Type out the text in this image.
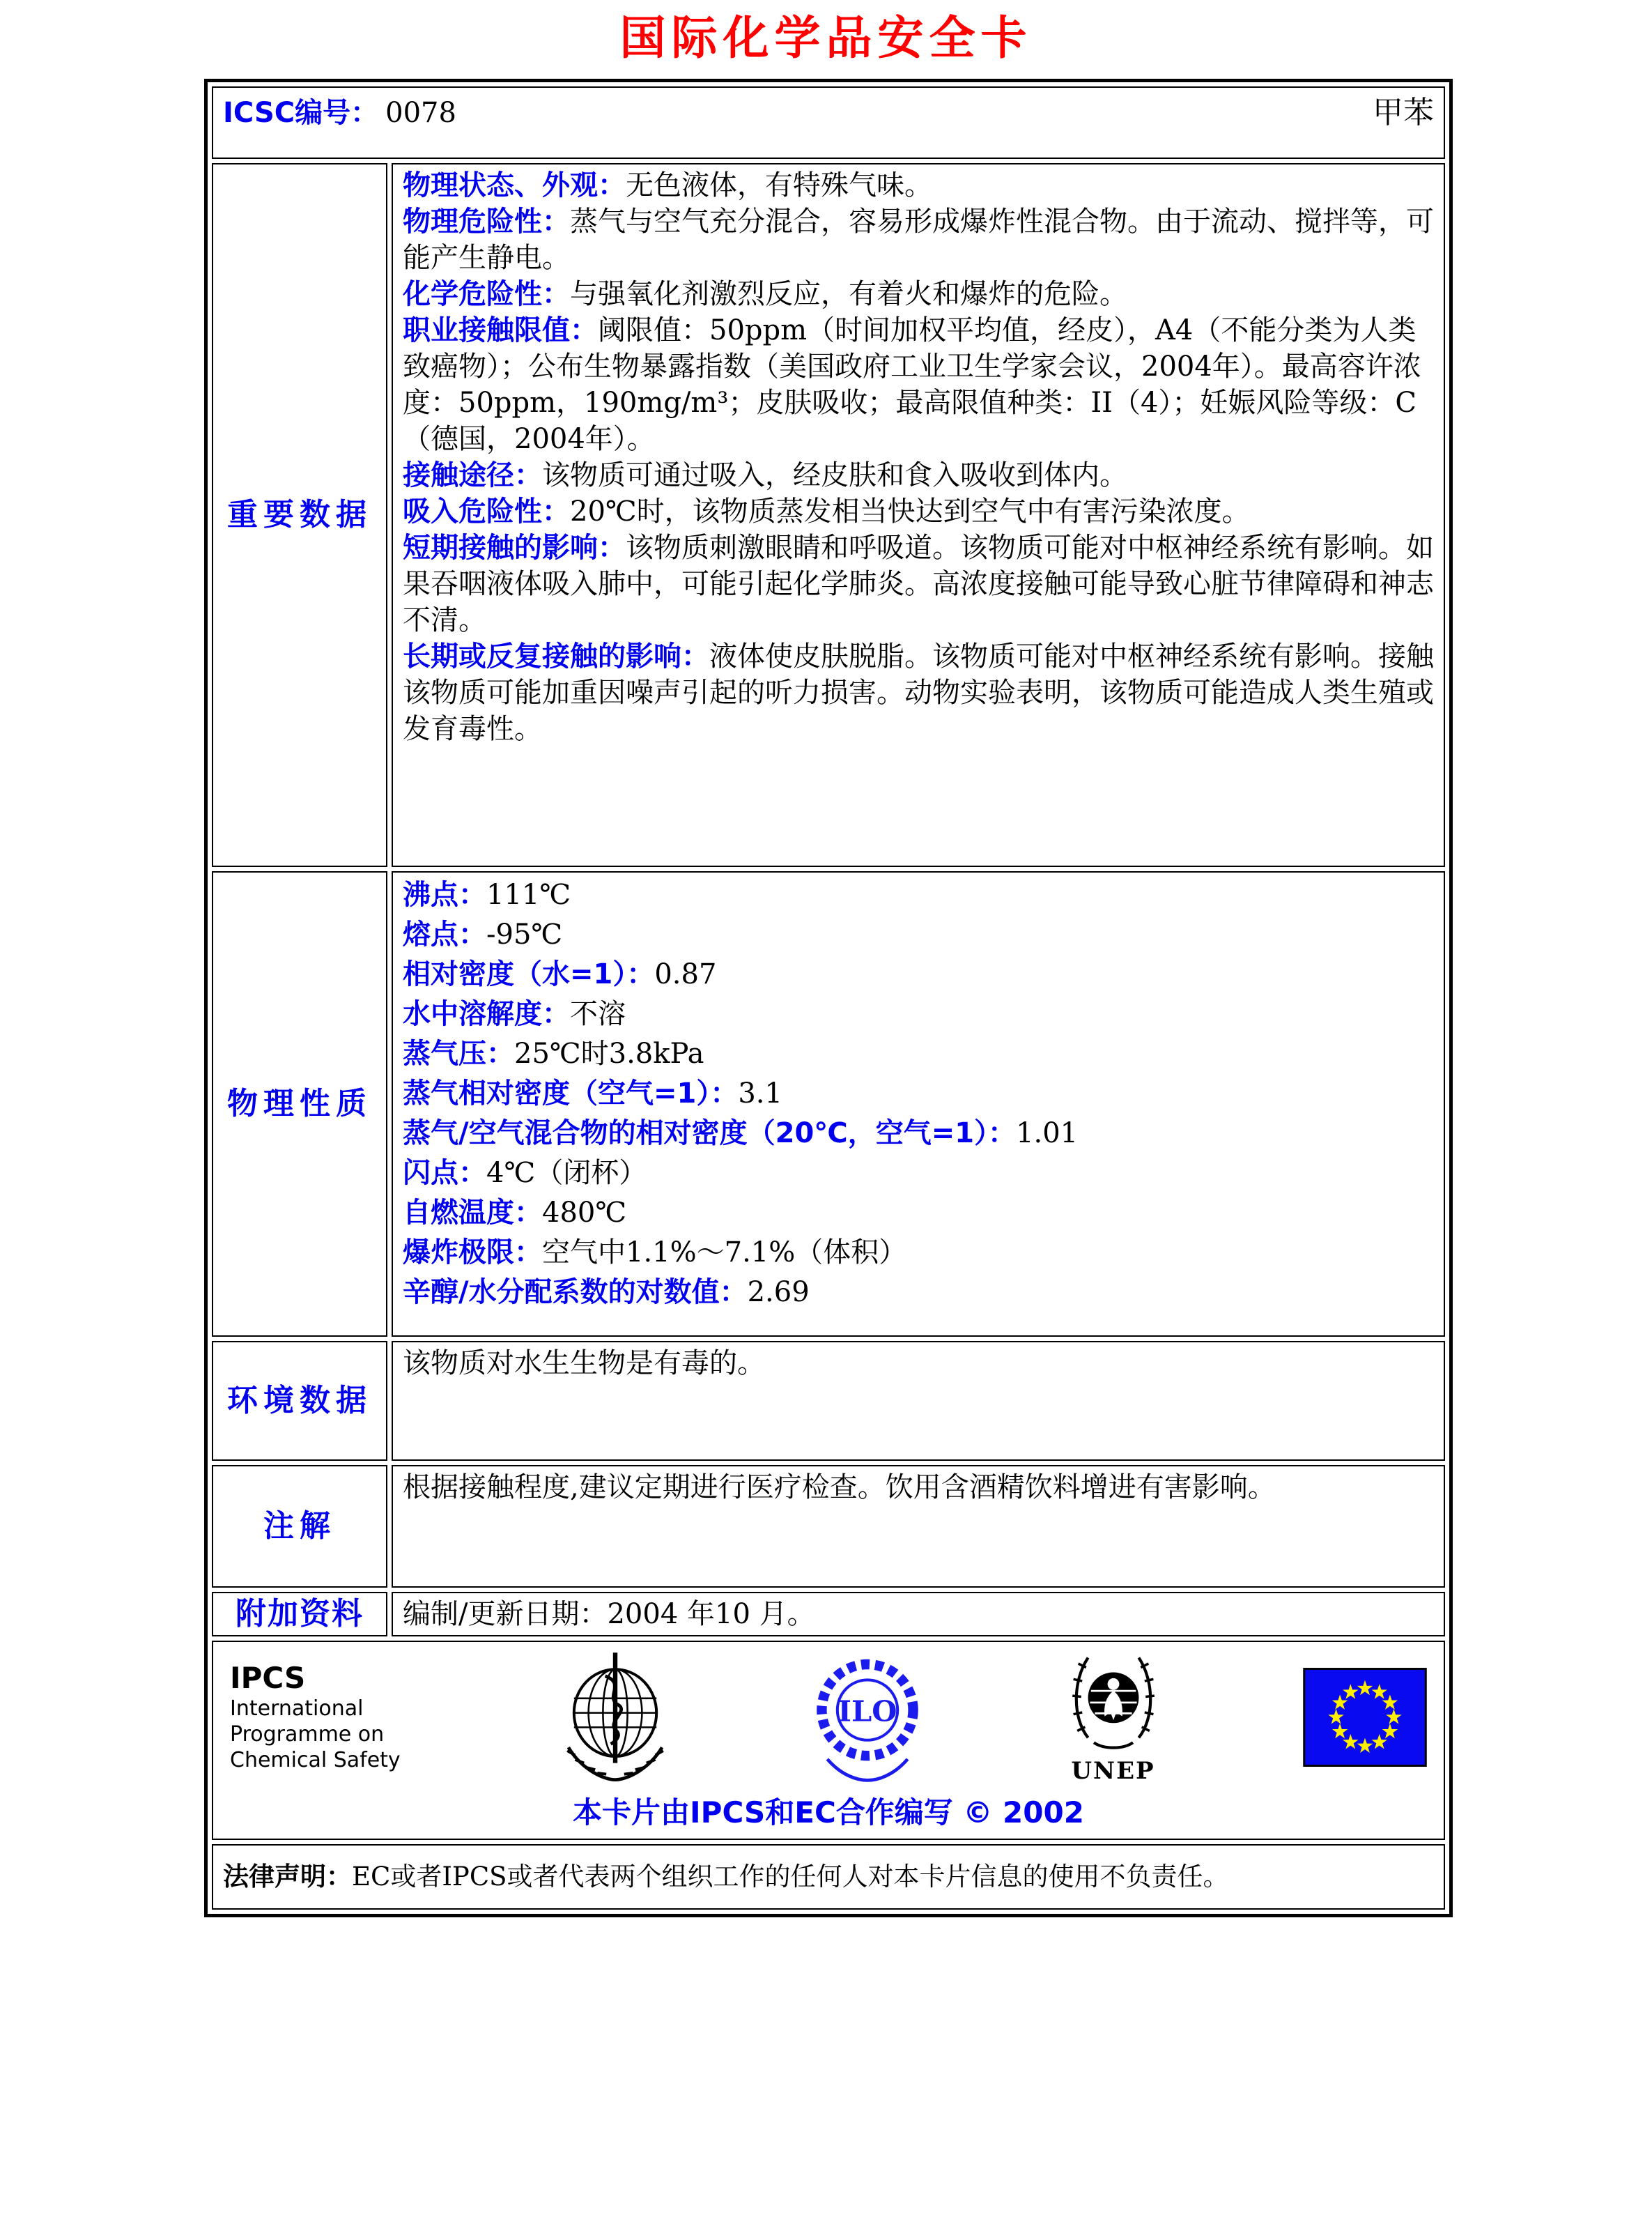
国际化学品安全卡
ICSC编号： 0078 甲苯	

重要数据	
物理状态、外观：无色液体，有特殊气味。
物理危险性：蒸气与空气充分混合，容易形成爆炸性混合物。由于流动、搅拌等，可能产生静电。
化学危险性：与强氧化剂激烈反应，有着火和爆炸的危险。
职业接触限值：阈限值：50ppm（时间加权平均值，经皮），A4（不能分类为人类致癌物）；公布生物暴露指数（美国政府工业卫生学家会议，2004年）。最高容许浓度：50ppm，190mg/m³；皮肤吸收；最高限值种类：II（4）；妊娠风险等级：C（德国，2004年）。
接触途径：该物质可通过吸入，经皮肤和食入吸收到体内。
吸入危险性：20℃时，该物质蒸发相当快达到空气中有害污染浓度。
短期接触的影响：该物质刺激眼睛和呼吸道。该物质可能对中枢神经系统有影响。如果吞咽液体吸入肺中，可能引起化学肺炎。高浓度接触可能导致心脏节律障碍和神志不清。
长期或反复接触的影响：液体使皮肤脱脂。该物质可能对中枢神经系统有影响。接触该物质可能加重因噪声引起的听力损害。动物实验表明，该物质可能造成人类生殖或发育毒性。

物理性质	
沸点：111℃
熔点：-95℃
相对密度（水=1）：0.87
水中溶解度：不溶
蒸气压：25℃时3.8kPa
蒸气相对密度（空气=1）：3.1
蒸气/空气混合物的相对密度（20℃，空气=1）：1.01
闪点：4℃（闭杯）
自燃温度：480℃
爆炸极限：空气中1.1%～7.1%（体积）
辛醇/水分配系数的对数值：2.69

环境数据	该物质对水生生物是有毒的。
注解	根据接触程度,建议定期进行医疗检查。饮用含酒精饮料增进有害影响。
附加资料	编制/更新日期：2004 年10 月。

IPCS
International
Programme on
Chemical Safety
ILO
UNEP
本卡片由IPCS和EC合作编写 © 2002

法律声明：EC或者IPCS或者代表两个组织工作的任何人对本卡片信息的使用不负责任。	
